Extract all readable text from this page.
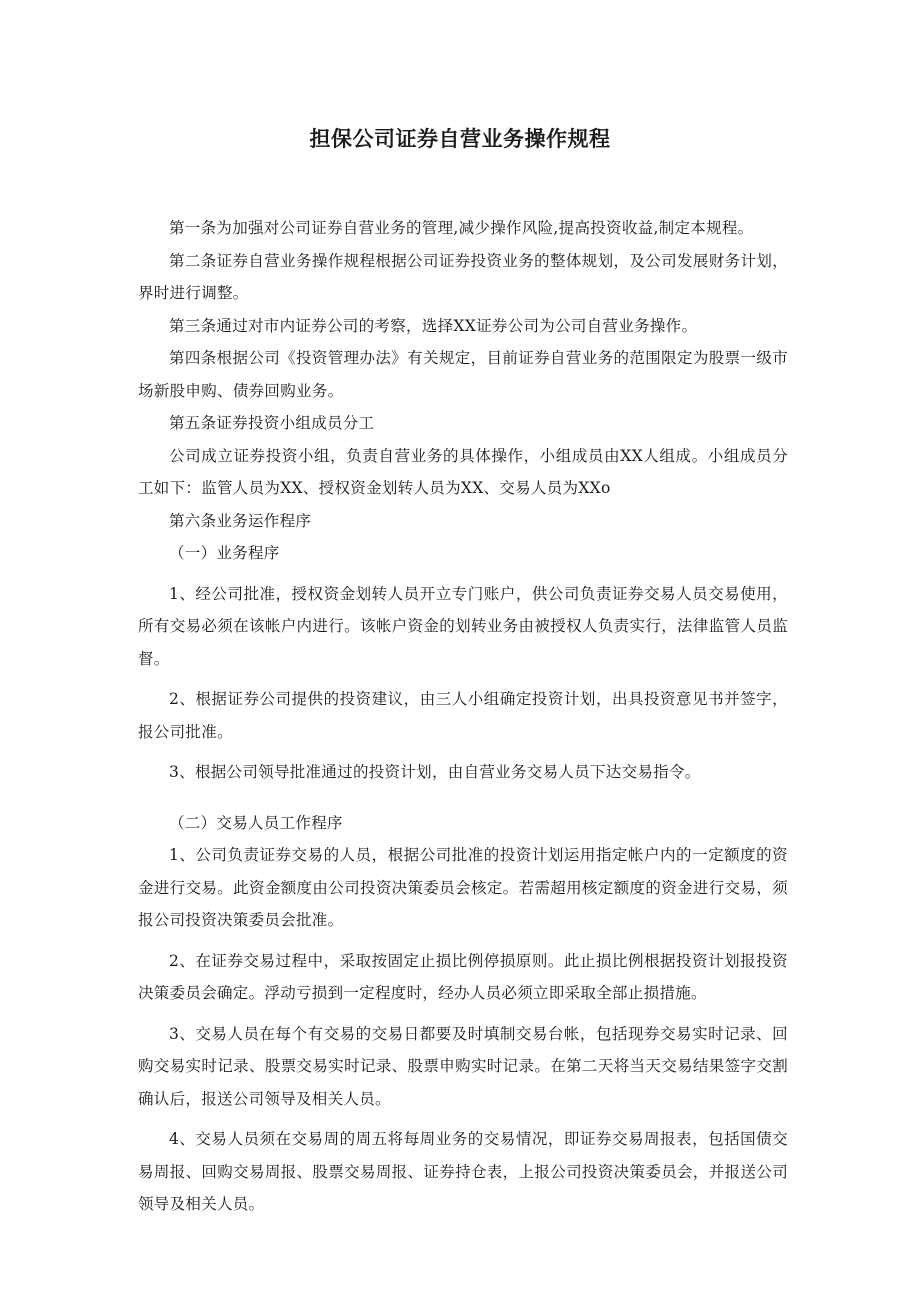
担保公司证券自营业务操作规程

第一条为加强对公司证券自营业务的管理,减少操作风险,提高投资收益,制定本规程。

第二条证券自营业务操作规程根据公司证券投资业务的整体规划，及公司发展财务计划，界时进行调整。

第三条通过对市内证券公司的考察，选择XX证券公司为公司自营业务操作。

第四条根据公司《投资管理办法》有关规定，目前证券自营业务的范围限定为股票一级市场新股申购、债券回购业务。

第五条证券投资小组成员分工

公司成立证券投资小组，负责自营业务的具体操作，小组成员由XX人组成。小组成员分工如下：监管人员为XX、授权资金划转人员为XX、交易人员为XXo

第六条业务运作程序

（一）业务程序

1、经公司批准，授权资金划转人员开立专门账户，供公司负责证券交易人员交易使用，所有交易必须在该帐户内进行。该帐户资金的划转业务由被授权人负责实行，法律监管人员监督。

2、根据证券公司提供的投资建议，由三人小组确定投资计划，出具投资意见书并签字，报公司批准。

3、根据公司领导批准通过的投资计划，由自营业务交易人员下达交易指令。

（二）交易人员工作程序

1、公司负责证券交易的人员，根据公司批准的投资计划运用指定帐户内的一定额度的资金进行交易。此资金额度由公司投资决策委员会核定。若需超用核定额度的资金进行交易，须报公司投资决策委员会批准。

2、在证券交易过程中，采取按固定止损比例停损原则。此止损比例根据投资计划报投资决策委员会确定。浮动亏损到一定程度时，经办人员必须立即采取全部止损措施。

3、交易人员在每个有交易的交易日都要及时填制交易台帐，包括现券交易实时记录、回购交易实时记录、股票交易实时记录、股票申购实时记录。在第二天将当天交易结果签字交割确认后，报送公司领导及相关人员。

4、交易人员须在交易周的周五将每周业务的交易情况，即证券交易周报表，包括国债交易周报、回购交易周报、股票交易周报、证券持仓表，上报公司投资决策委员会，并报送公司领导及相关人员。
